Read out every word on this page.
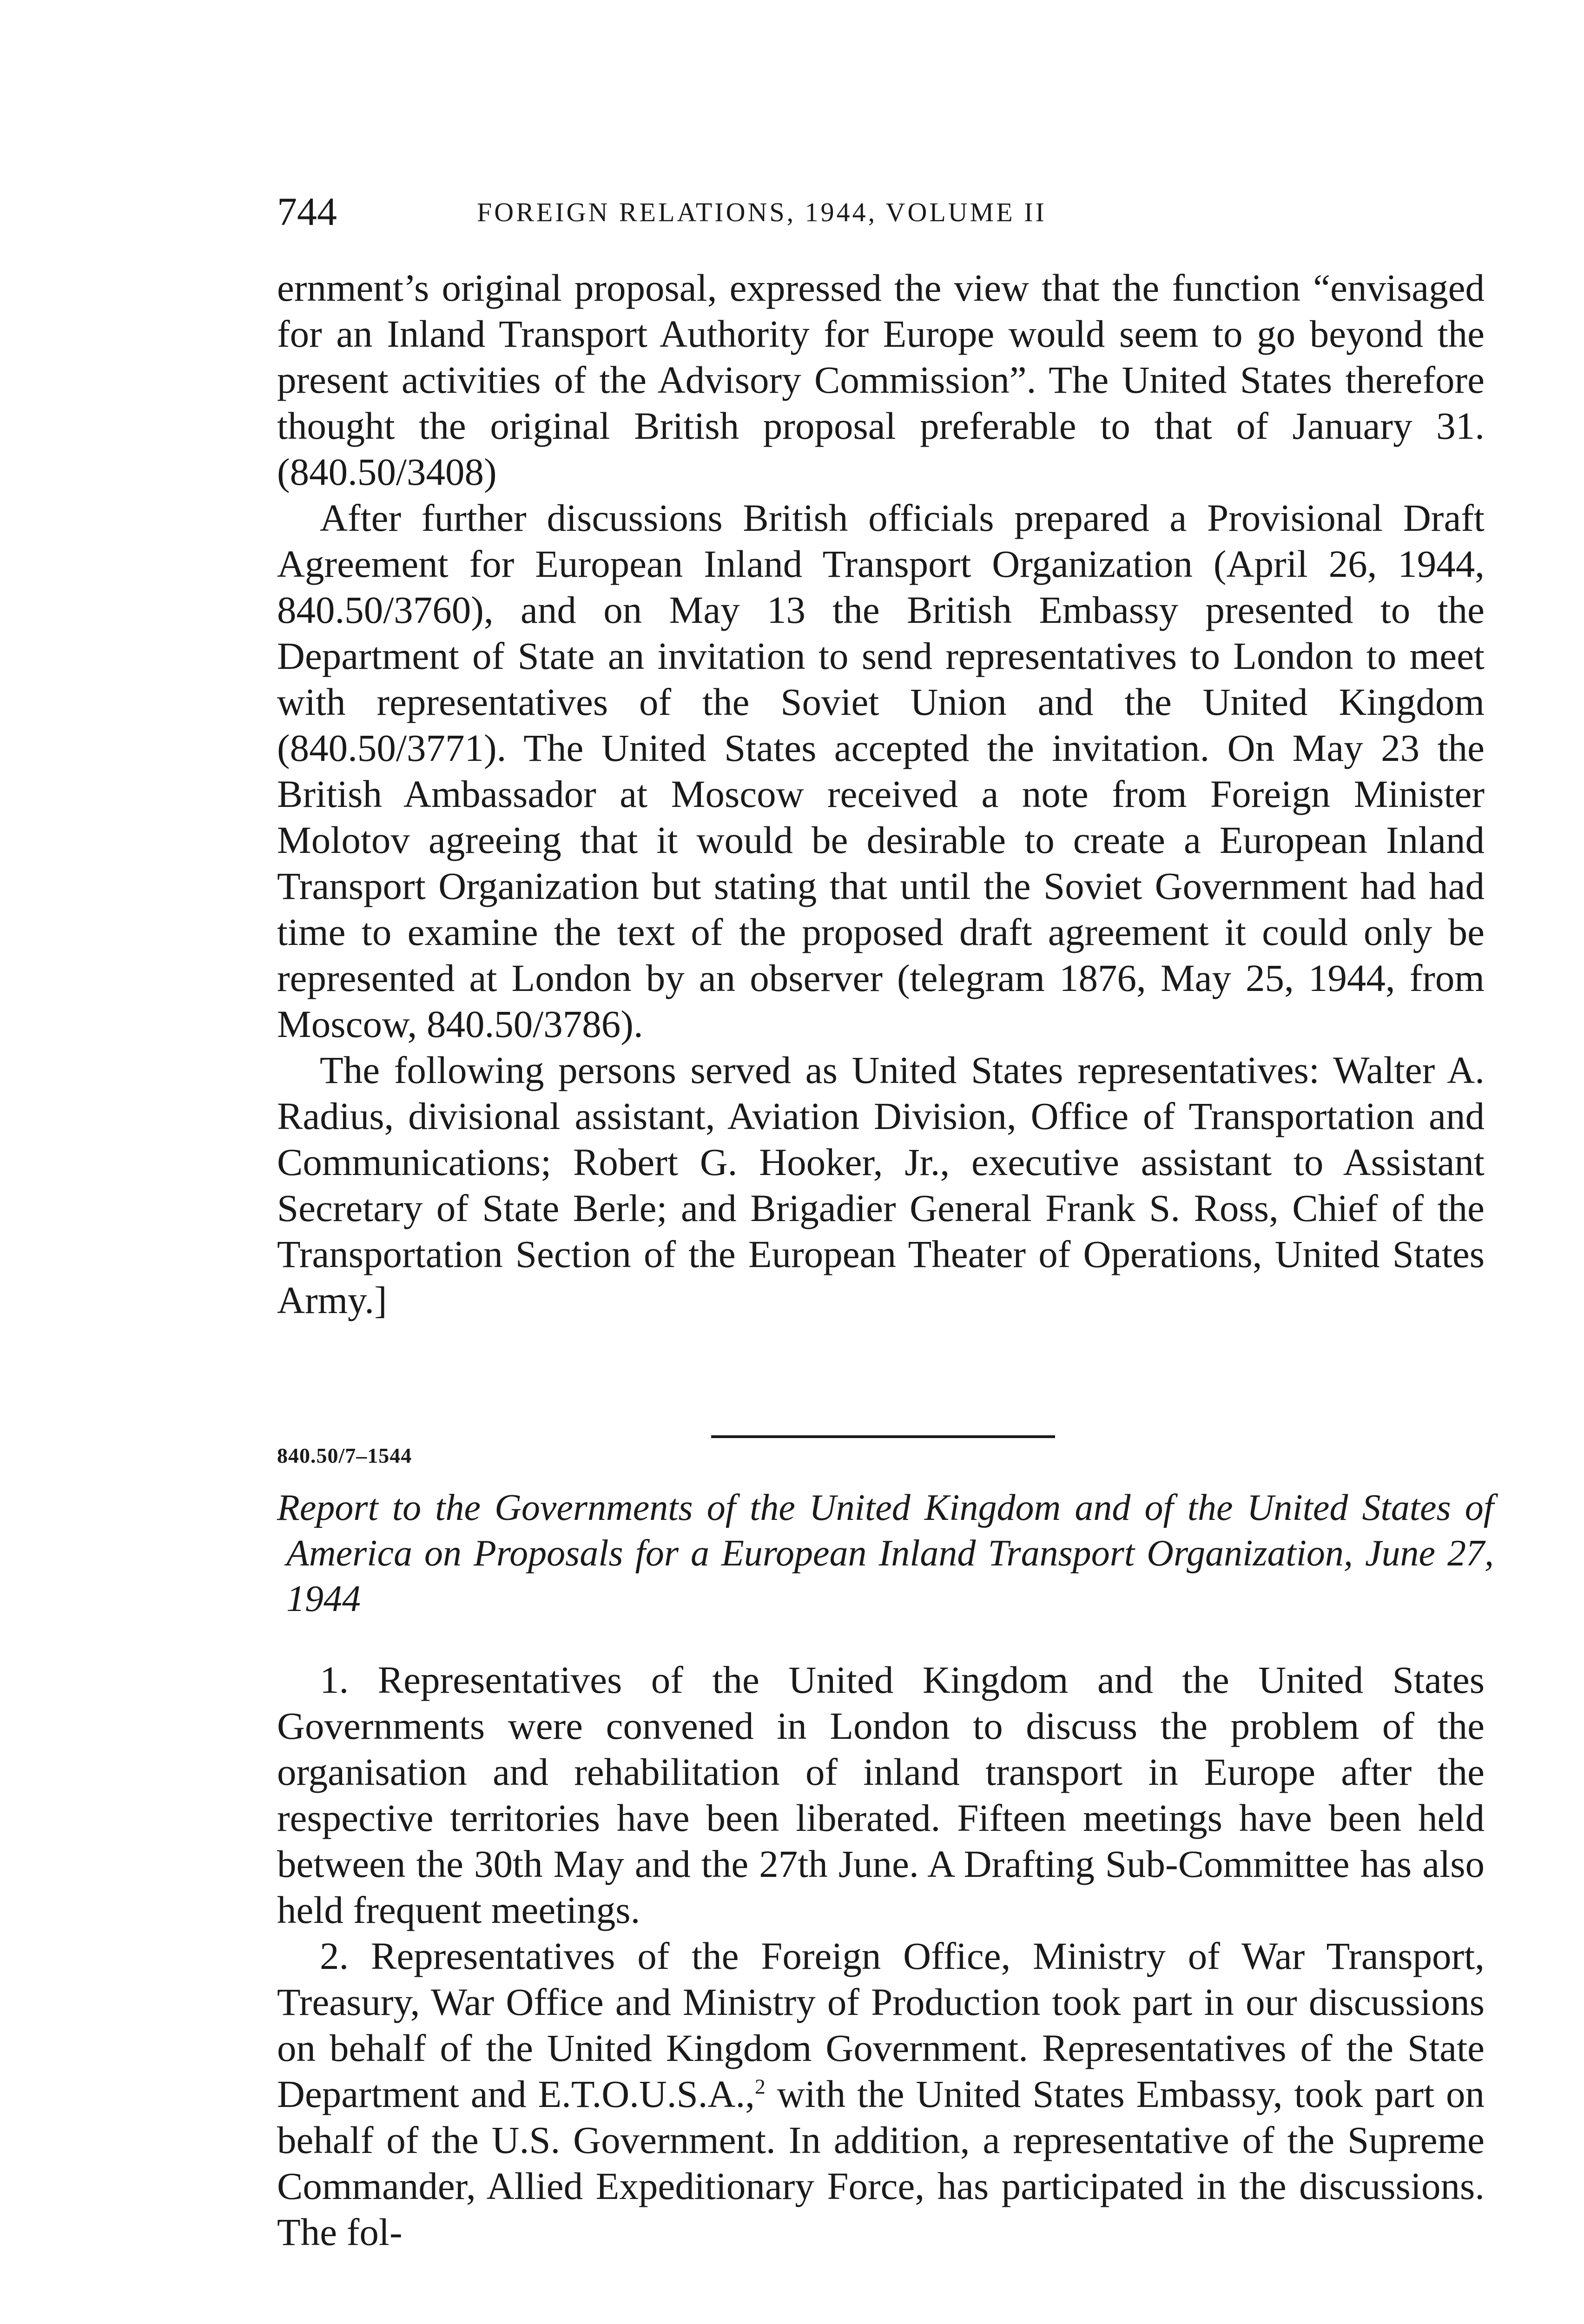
744	FOREIGN RELATIONS, 1944, VOLUME II

ernment’s original proposal, expressed the view that the function “envisaged for an Inland Transport Authority for Europe would seem to go beyond the present activities of the Advisory Commission”. The United States therefore thought the original British proposal preferable to that of January 31. (840.50/3408)

After further discussions British officials prepared a Provisional Draft Agreement for European Inland Transport Organization (April 26, 1944, 840.50/3760), and on May 13 the British Embassy presented to the Department of State an invitation to send representatives to London to meet with representatives of the Soviet Union and the United Kingdom (840.50/3771). The United States accepted the invitation. On May 23 the British Ambassador at Moscow received a note from Foreign Minister Molotov agreeing that it would be desirable to create a European Inland Transport Organization but stating that until the Soviet Government had had time to examine the text of the proposed draft agreement it could only be represented at London by an observer (telegram 1876, May 25, 1944, from Moscow, 840.50/3786).

The following persons served as United States representatives: Walter A. Radius, divisional assistant, Aviation Division, Office of Transportation and Communications; Robert G. Hooker, Jr., executive assistant to Assistant Secretary of State Berle; and Brigadier General Frank S. Ross, Chief of the Transportation Section of the European Theater of Operations, United States Army.]

840.50/7–1544
Report to the Governments of the United Kingdom and of the United States of America on Proposals for a European Inland Transport Organization, June 27, 1944

1. Representatives of the United Kingdom and the United States Governments were convened in London to discuss the problem of the organisation and rehabilitation of inland transport in Europe after the respective territories have been liberated. Fifteen meetings have been held between the 30th May and the 27th June. A Drafting Sub-Committee has also held frequent meetings.

2. Representatives of the Foreign Office, Ministry of War Transport, Treasury, War Office and Ministry of Production took part in our discussions on behalf of the United Kingdom Government. Representatives of the State Department and E.T.O.U.S.A.,$^2$ with the United States Embassy, took part on behalf of the U.S. Government. In addition, a representative of the Supreme Commander, Allied Expeditionary Force, has participated in the discussions. The fol-
